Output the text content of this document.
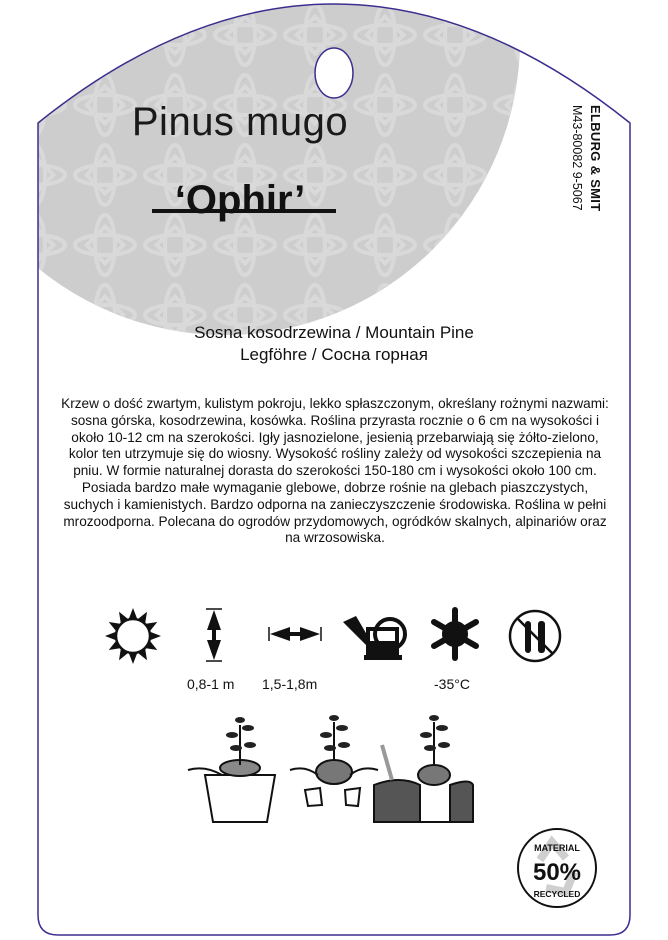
MATERIAL
50%
RECYCLED
Pinus mugo
‘Ophir’	ELBURG & SMIT
M43-80082 9-5067
Sosna kosodrzewina / Mountain Pine
Legföhre / Сосна горная
Krzew o dość zwartym, kulistym pokroju, lekko spłaszczonym, określany rożnymi nazwami: sosna górska, kosodrzewina, kosówka. Roślina przyrasta rocznie o 6 cm na wysokości i około 10-12 cm na szerokości. Igły jasnozielone, jesienią przebarwiają się żółto-zielono, kolor ten utrzymuje się do wiosny. Wysokość rośliny zależy od wysokości szczepienia na pniu. W formie naturalnej dorasta do szerokości 150-180 cm i wysokości około 100 cm. Posiada bardzo małe wymaganie glebowe, dobrze rośnie na glebach piaszczystych, suchych i kamienistych. Bardzo odporna na zanieczyszczenie środowiska. Roślina w pełni mrozoodporna. Polecana do ogrodów przydomowych, ogródków skalnych, alpinariów oraz na wrzosowiska.
0,8-1 m 1,5-1,8m	-35°C
